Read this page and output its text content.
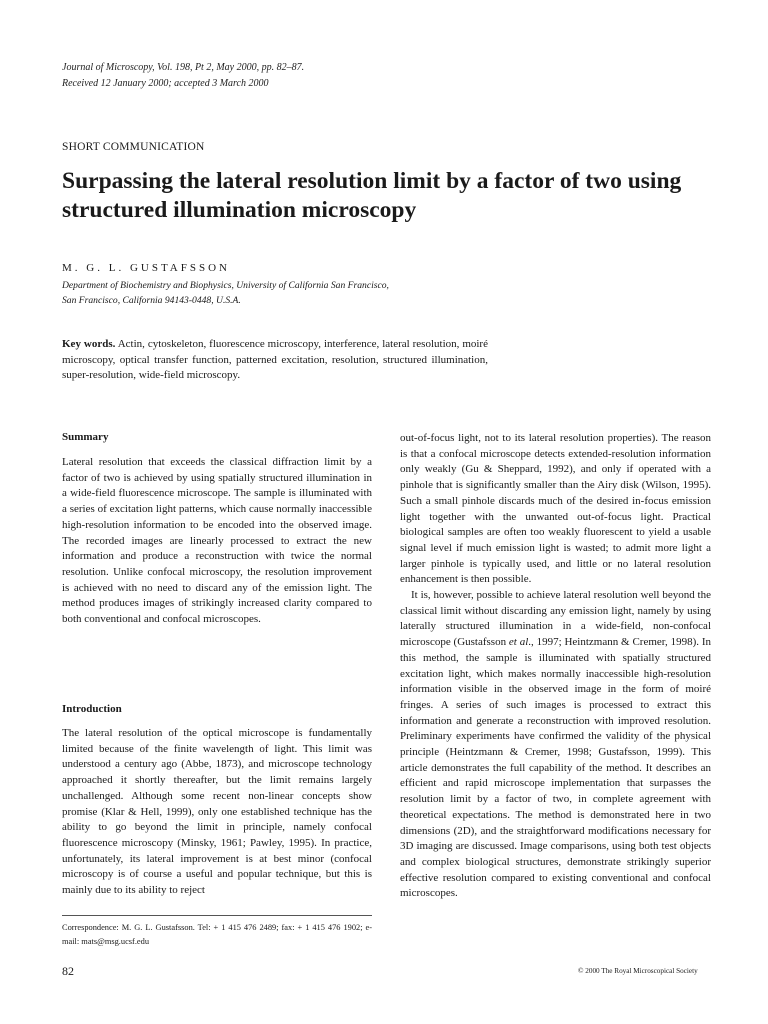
Journal of Microscopy, Vol. 198, Pt 2, May 2000, pp. 82–87.
Received 12 January 2000; accepted 3 March 2000
SHORT COMMUNICATION
Surpassing the lateral resolution limit by a factor of two using structured illumination microscopy
M. G. L. GUSTAFSSON
Department of Biochemistry and Biophysics, University of California San Francisco,
San Francisco, California 94143-0448, U.S.A.
Key words. Actin, cytoskeleton, fluorescence microscopy, interference, lateral resolution, moiré microscopy, optical transfer function, patterned excitation, resolution, structured illumination, super-resolution, wide-field microscopy.
Summary

Lateral resolution that exceeds the classical diffraction limit by a factor of two is achieved by using spatially structured illumination in a wide-field fluorescence microscope. The sample is illuminated with a series of excitation light patterns, which cause normally inaccessible high-resolution information to be encoded into the observed image. The recorded images are linearly processed to extract the new information and produce a reconstruction with twice the normal resolution. Unlike confocal microscopy, the resolution improvement is achieved with no need to discard any of the emission light. The method produces images of strikingly increased clarity compared to both conventional and confocal microscopes.

Introduction

The lateral resolution of the optical microscope is fundamentally limited because of the finite wavelength of light. This limit was understood a century ago (Abbe, 1873), and microscope technology approached it shortly thereafter, but the limit remains largely unchallenged. Although some recent non-linear concepts show promise (Klar & Hell, 1999), only one established technique has the ability to go beyond the limit in principle, namely confocal fluorescence microscopy (Minsky, 1961; Pawley, 1995). In practice, unfortunately, its lateral improvement is at best minor (confocal microscopy is of course a useful and popular technique, but this is mainly due to its ability to reject

out-of-focus light, not to its lateral resolution properties). The reason is that a confocal microscope detects extended-resolution information only weakly (Gu & Sheppard, 1992), and only if operated with a pinhole that is significantly smaller than the Airy disk (Wilson, 1995). Such a small pinhole discards much of the desired in-focus emission light together with the unwanted out-of-focus light. Practical biological samples are often too weakly fluorescent to yield a usable signal level if much emission light is wasted; to admit more light a larger pinhole is typically used, and little or no lateral resolution enhancement is then possible.

It is, however, possible to achieve lateral resolution well beyond the classical limit without discarding any emission light, namely by using laterally structured illumination in a wide-field, non-confocal microscope (Gustafsson et al., 1997; Heintzmann & Cremer, 1998). In this method, the sample is illuminated with spatially structured excitation light, which makes normally inaccessible high-resolution information visible in the observed image in the form of moiré fringes. A series of such images is processed to extract this information and generate a reconstruction with improved resolution. Preliminary experiments have confirmed the validity of the physical principle (Heintzmann & Cremer, 1998; Gustafsson, 1999). This article demonstrates the full capability of the method. It describes an efficient and rapid microscope implementation that surpasses the resolution limit by a factor of two, in complete agreement with theoretical expectations. The method is demonstrated here in two dimensions (2D), and the straightforward modifications necessary for 3D imaging are discussed. Image comparisons, using both test objects and complex biological structures, demonstrate strikingly superior effective resolution compared to existing conventional and confocal microscopes.

Correspondence: M. G. L. Gustafsson. Tel: + 1 415 476 2489; fax: + 1 415 476 1902; e-mail: mats@msg.ucsf.edu
82	© 2000 The Royal Microscopical Society
